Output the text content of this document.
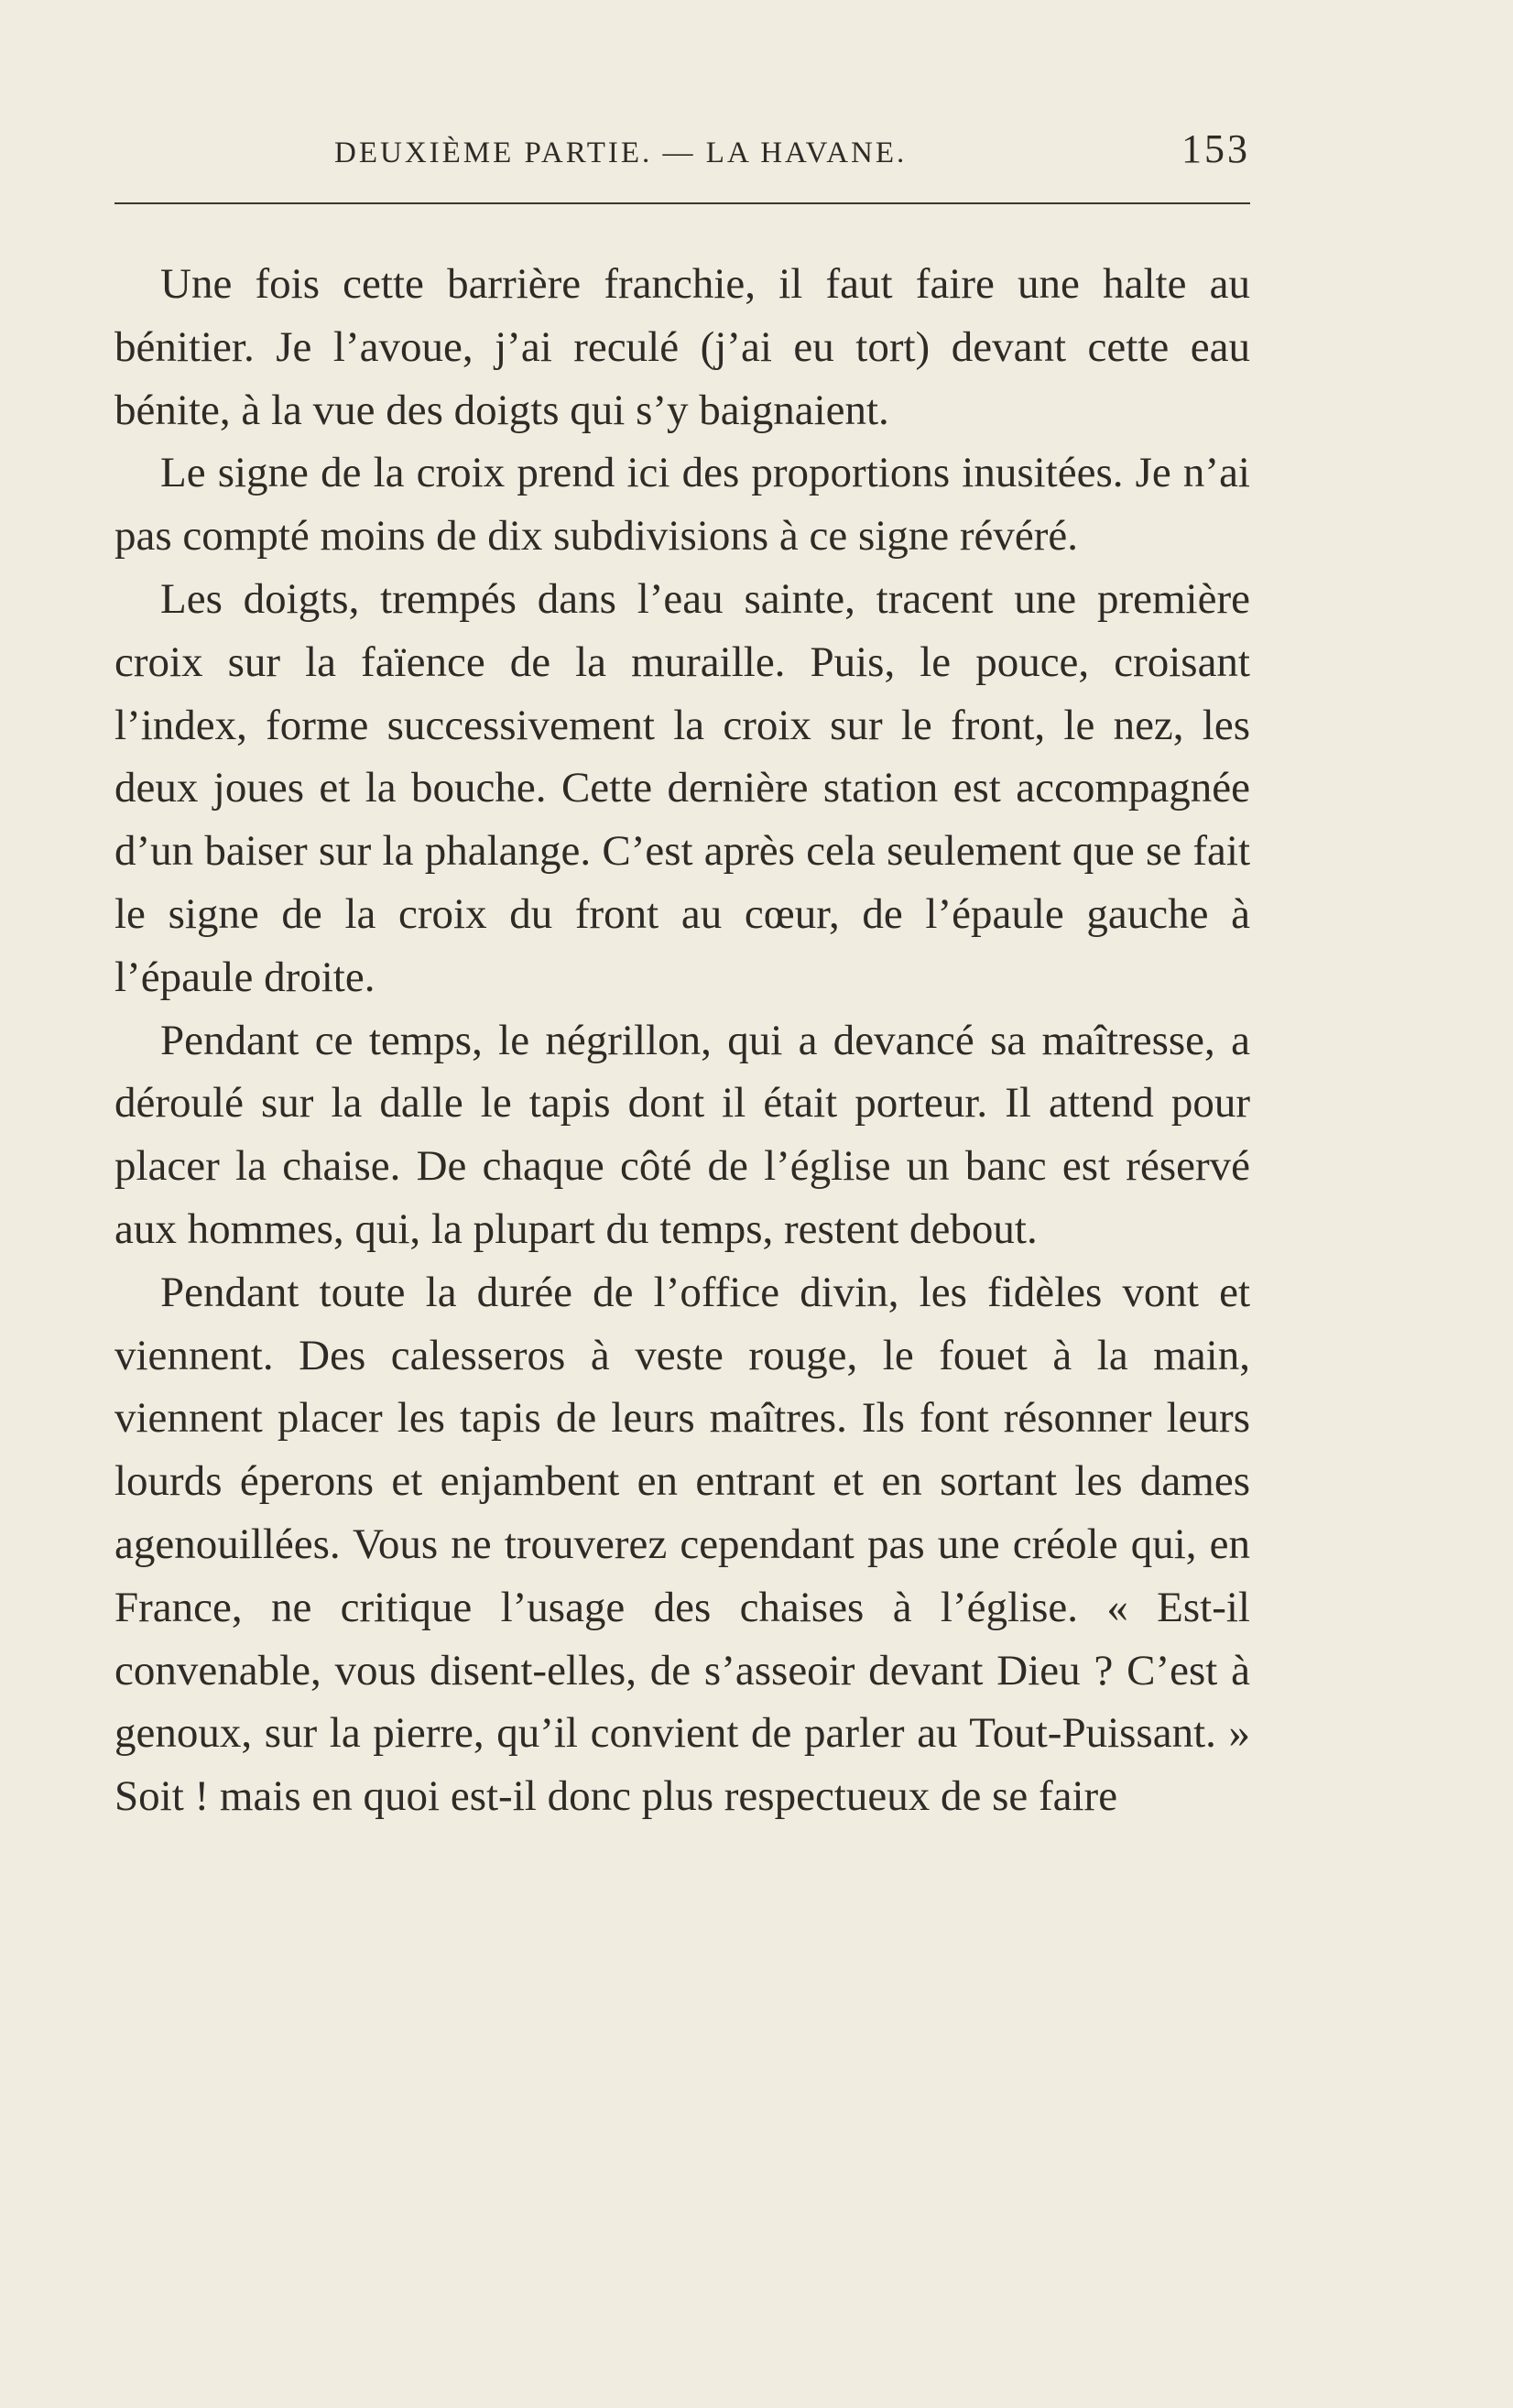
DEUXIÈME PARTIE. — LA HAVANE.	153

Une fois cette barrière franchie, il faut faire une halte au bénitier. Je l’avoue, j’ai reculé (j’ai eu tort) devant cette eau bénite, à la vue des doigts qui s’y baignaient.

Le signe de la croix prend ici des proportions inusitées. Je n’ai pas compté moins de dix subdivisions à ce signe révéré.

Les doigts, trempés dans l’eau sainte, tracent une première croix sur la faïence de la muraille. Puis, le pouce, croisant l’index, forme successivement la croix sur le front, le nez, les deux joues et la bouche. Cette dernière station est accompagnée d’un baiser sur la phalange. C’est après cela seulement que se fait le signe de la croix du front au cœur, de l’épaule gauche à l’épaule droite.

Pendant ce temps, le négrillon, qui a devancé sa maîtresse, a déroulé sur la dalle le tapis dont il était porteur. Il attend pour placer la chaise. De chaque côté de l’église un banc est réservé aux hommes, qui, la plupart du temps, restent debout.

Pendant toute la durée de l’office divin, les fidèles vont et viennent. Des calesseros à veste rouge, le fouet à la main, viennent placer les tapis de leurs maîtres. Ils font résonner leurs lourds éperons et enjambent en entrant et en sortant les dames agenouillées. Vous ne trouverez cependant pas une créole qui, en France, ne critique l’usage des chaises à l’église. « Est-il convenable, vous disent-elles, de s’asseoir devant Dieu ? C’est à genoux, sur la pierre, qu’il convient de parler au Tout-Puissant. » Soit ! mais en quoi est-il donc plus respectueux de se faire
